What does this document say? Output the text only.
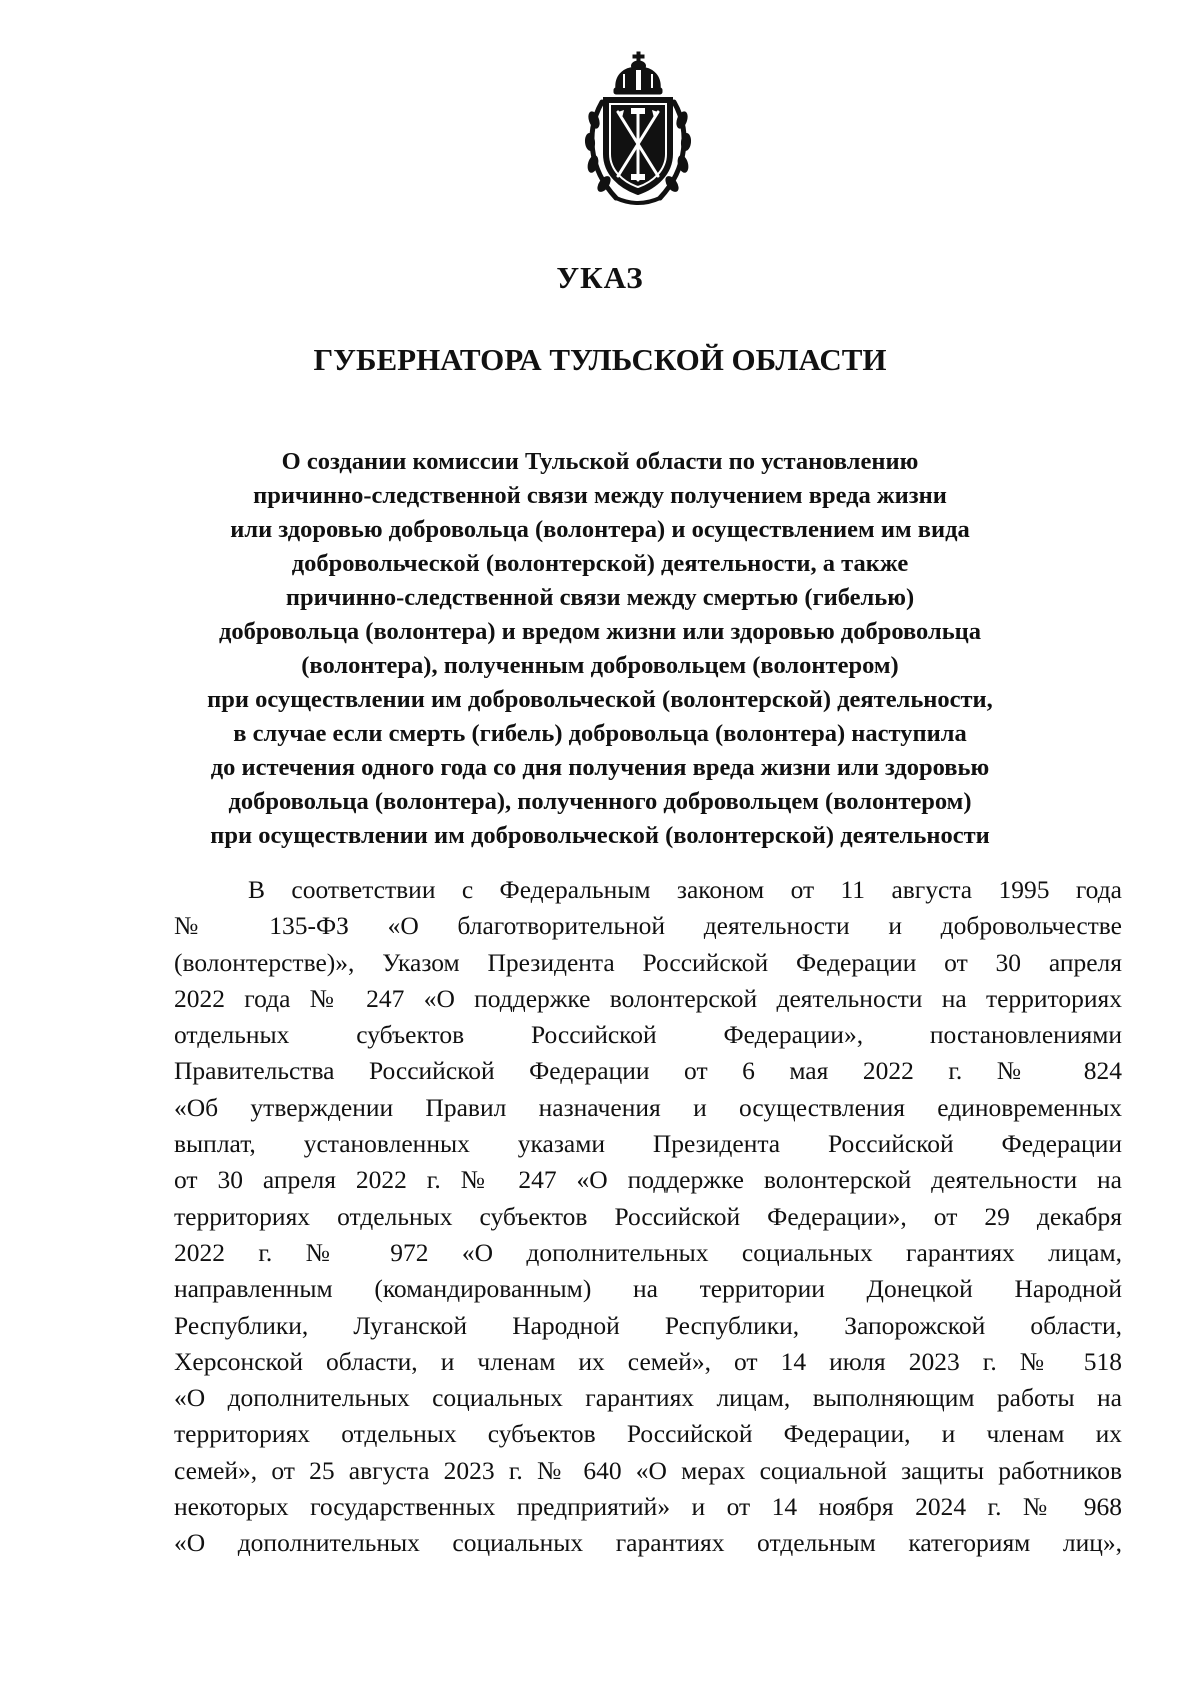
УКАЗ
ГУБЕРНАТОРА ТУЛЬСКОЙ ОБЛАСТИ
О создании комиссии Тульской области по установлению
причинно-следственной связи между получением вреда жизни
или здоровью добровольца (волонтера) и осуществлением им вида
добровольческой (волонтерской) деятельности, а также
причинно-следственной связи между смертью (гибелью)
добровольца (волонтера) и вредом жизни или здоровью добровольца
(волонтера), полученным добровольцем (волонтером)
при осуществлении им добровольческой (волонтерской) деятельности,
в случае если смерть (гибель) добровольца (волонтера) наступила
до истечения одного года со дня получения вреда жизни или здоровью
добровольца (волонтера), полученного добровольцем (волонтером)
при осуществлении им добровольческой (волонтерской) деятельности
В соответствии с Федеральным законом от 11 августа 1995 года
№ 135-ФЗ «О благотворительной деятельности и добровольчестве
(волонтерстве)», Указом Президента Российской Федерации от 30 апреля
2022 года № 247 «О поддержке волонтерской деятельности на территориях
отдельных субъектов Российской Федерации», постановлениями
Правительства Российской Федерации от 6 мая 2022 г. № 824
«Об утверждении Правил назначения и осуществления единовременных
выплат, установленных указами Президента Российской Федерации
от 30 апреля 2022 г. № 247 «О поддержке волонтерской деятельности на
территориях отдельных субъектов Российской Федерации», от 29 декабря
2022 г. № 972 «О дополнительных социальных гарантиях лицам,
направленным (командированным) на территории Донецкой Народной
Республики, Луганской Народной Республики, Запорожской области,
Херсонской области, и членам их семей», от 14 июля 2023 г. № 518
«О дополнительных социальных гарантиях лицам, выполняющим работы на
территориях отдельных субъектов Российской Федерации, и членам их
семей», от 25 августа 2023 г. № 640 «О мерах социальной защиты работников
некоторых государственных предприятий» и от 14 ноября 2024 г. № 968
«О дополнительных социальных гарантиях отдельным категориям лиц»,
